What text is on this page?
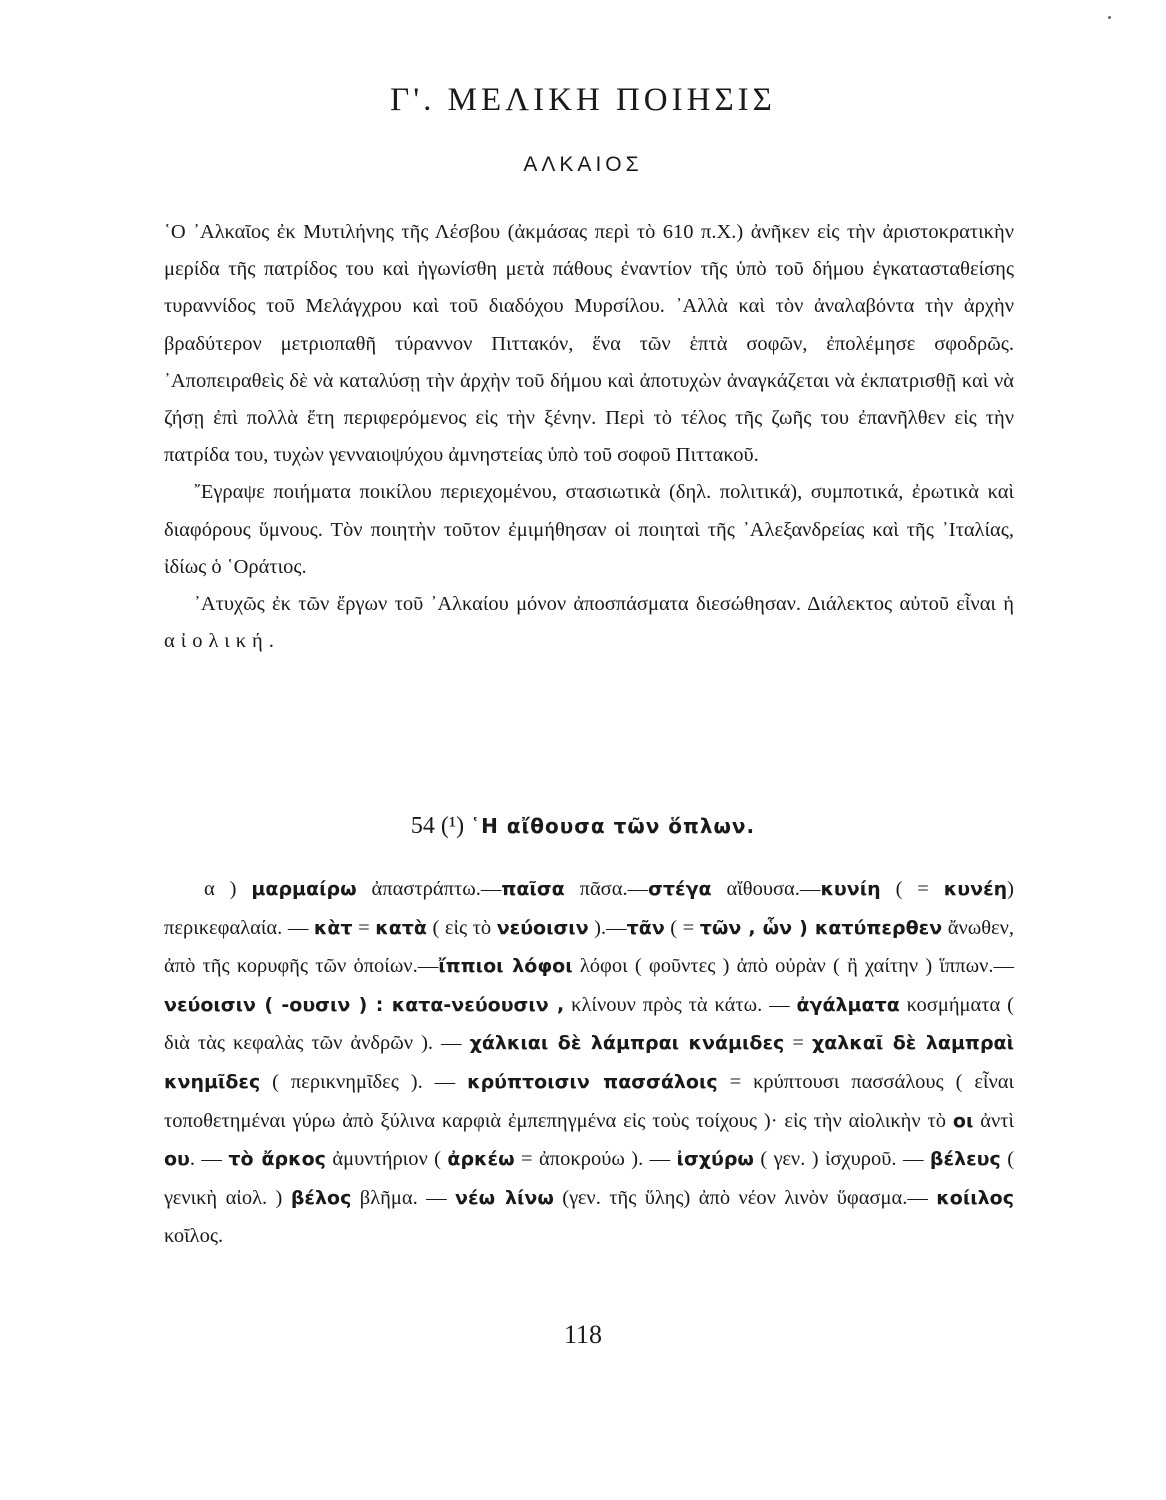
Γ'. ΜΕΛΙΚΗ ΠΟΙΗΣΙΣ
ΑΛΚΑΙΟΣ

῾Ο ᾿Αλκαῖος ἐκ Μυτιλήνης τῆς Λέσβου (ἀκμάσας περὶ τὸ 610 π.Χ.) ἀνῆκεν εἰς τὴν ἀριστοκρατικὴν μερίδα τῆς πατρίδος του καὶ ἠγωνίσθη μετὰ πάθους ἐναντίον τῆς ὑπὸ τοῦ δήμου ἐγκατασταθείσης τυραννίδος τοῦ Μελάγχρου καὶ τοῦ διαδόχου Μυρσίλου. ᾿Αλλὰ καὶ τὸν ἀναλαβόντα τὴν ἀρχὴν βραδύτερον μετριοπαθῆ τύραννον Πιττακόν, ἕνα τῶν ἑπτὰ σοφῶν, ἐπολέμησε σφοδρῶς. ᾿Αποπειραθεὶς δὲ νὰ καταλύσῃ τὴν ἀρχὴν τοῦ δήμου καὶ ἀποτυχὼν ἀναγκάζεται νὰ ἐκπατρισθῇ καὶ νὰ ζήσῃ ἐπὶ πολλὰ ἔτη περιφερόμενος εἰς τὴν ξένην. Περὶ τὸ τέλος τῆς ζωῆς του ἐπανῆλθεν εἰς τὴν πατρίδα του, τυχὼν γενναιοψύχου ἀμνηστείας ὑπὸ τοῦ σοφοῦ Πιττακοῦ.

῎Εγραψε ποιήματα ποικίλου περιεχομένου, στασιωτικὰ (δηλ. πολιτικά), συμποτικά, ἐρωτικὰ καὶ διαφόρους ὕμνους. Τὸν ποιητὴν τοῦτον ἐμιμήθησαν οἱ ποιηταὶ τῆς ᾿Αλεξανδρείας καὶ τῆς ᾿Ιταλίας, ἰδίως ὁ ῾Οράτιος.

᾿Ατυχῶς ἐκ τῶν ἔργων τοῦ ᾿Αλκαίου μόνον ἀποσπάσματα διεσώθησαν. Διάλεκτος αὐτοῦ εἶναι ἡ αἰολική.

54 (¹) ῾Η αἴθουσα τῶν ὅπλων.

α ) μαρμαίρω ἀπαστράπτω.—παῖσα πᾶσα.—στέγα αἴθουσα.—κυνίη ( = κυνέη) περικεφαλαία. — κὰτ = κατὰ ( εἰς τὸ νεύοισιν ).—τᾶν ( = τῶν , ὧν ) κατύπερθεν ἄνωθεν, ἀπὸ τῆς κορυφῆς τῶν ὁποίων.—ἴππιοι λόφοι λόφοι ( φοῦντες ) ἀπὸ οὐρὰν ( ἢ χαίτην ) ἵππων.—νεύοισιν ( -ουσιν ) : κατα-νεύουσιν , κλίνουν πρὸς τὰ κάτω. — ἀγάλματα κοσμήματα ( διὰ τὰς κεφαλὰς τῶν ἀνδρῶν ). — χάλκιαι δὲ λάμπραι κνάμιδες = χαλκαῖ δὲ λαμπραὶ κνημῖδες ( περικνημῖδες ). — κρύπτοισιν πασσάλοις = κρύπτουσι πασσάλους ( εἶναι τοποθετημέναι γύρω ἀπὸ ξύλινα καρφιὰ ἐμπεπηγμένα εἰς τοὺς τοίχους )· εἰς τὴν αἰολικὴν τὸ οι ἀντὶ ου. — τὸ ἄρκος ἀμυντήριον ( ἀρκέω = ἀποκρούω ). — ἰσχύρω ( γεν. ) ἰσχυροῦ. — βέλευς ( γενικὴ αἰολ. ) βέλος βλῆμα. — νέω λίνω (γεν. τῆς ὕλης) ἀπὸ νέον λινὸν ὕφασμα.— κοίιλος κοῖλος.

118
